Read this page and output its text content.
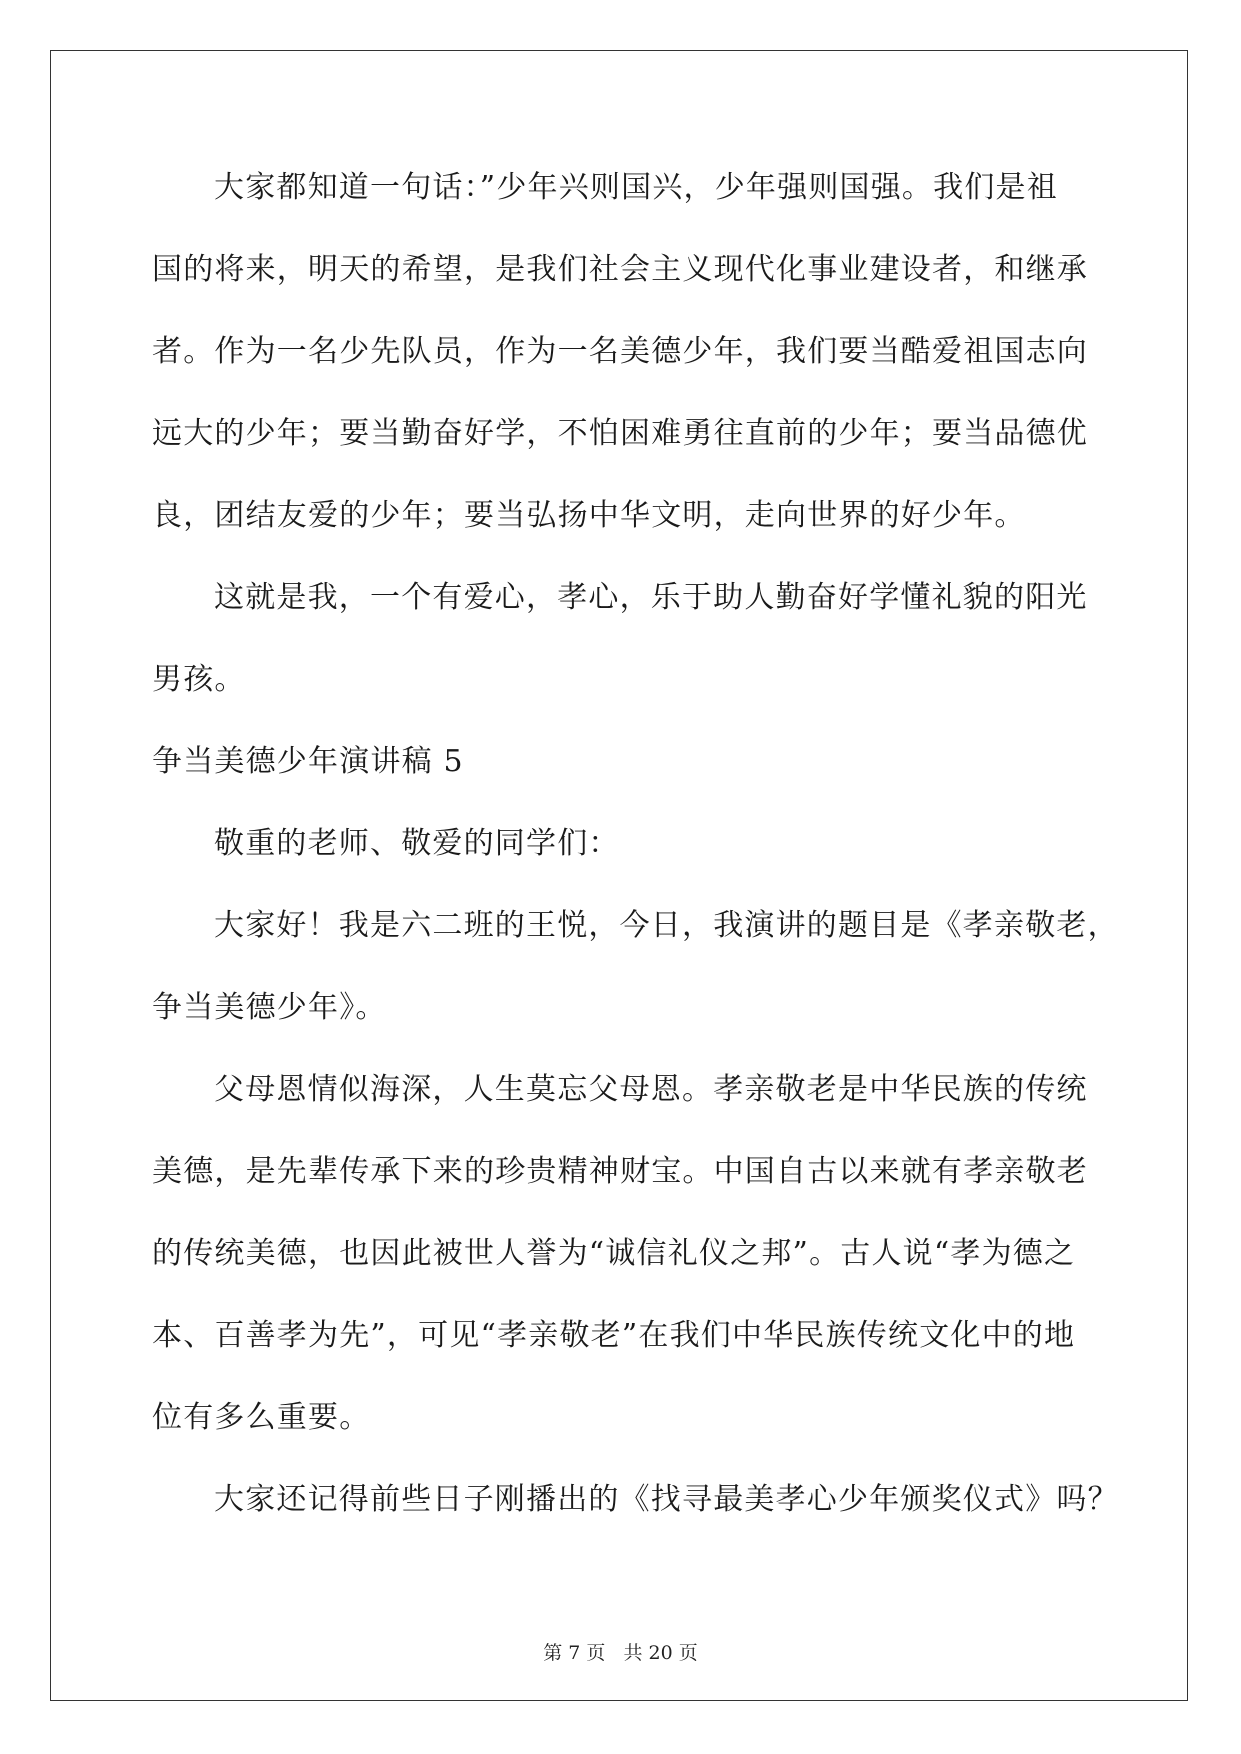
大家都知道一句话：”少年兴则国兴，少年强则国强。我们是祖
国的将来，明天的希望，是我们社会主义现代化事业建设者，和继承
者。作为一名少先队员，作为一名美德少年，我们要当酷爱祖国志向
远大的少年；要当勤奋好学，不怕困难勇往直前的少年；要当品德优
良，团结友爱的少年；要当弘扬中华文明，走向世界的好少年。
这就是我，一个有爱心，孝心，乐于助人勤奋好学懂礼貌的阳光
男孩。
争当美德少年演讲稿 5
敬重的老师、敬爱的同学们：
大家好！我是六二班的王悦，今日，我演讲的题目是《孝亲敬老，
争当美德少年》。
父母恩情似海深，人生莫忘父母恩。孝亲敬老是中华民族的传统
美德，是先辈传承下来的珍贵精神财宝。中国自古以来就有孝亲敬老
的传统美德，也因此被世人誉为“诚信礼仪之邦”。古人说“孝为德之
本、百善孝为先”，可见“孝亲敬老”在我们中华民族传统文化中的地
位有多么重要。
大家还记得前些日子刚播出的《找寻最美孝心少年颁奖仪式》吗？
第 7 页 共 20 页
